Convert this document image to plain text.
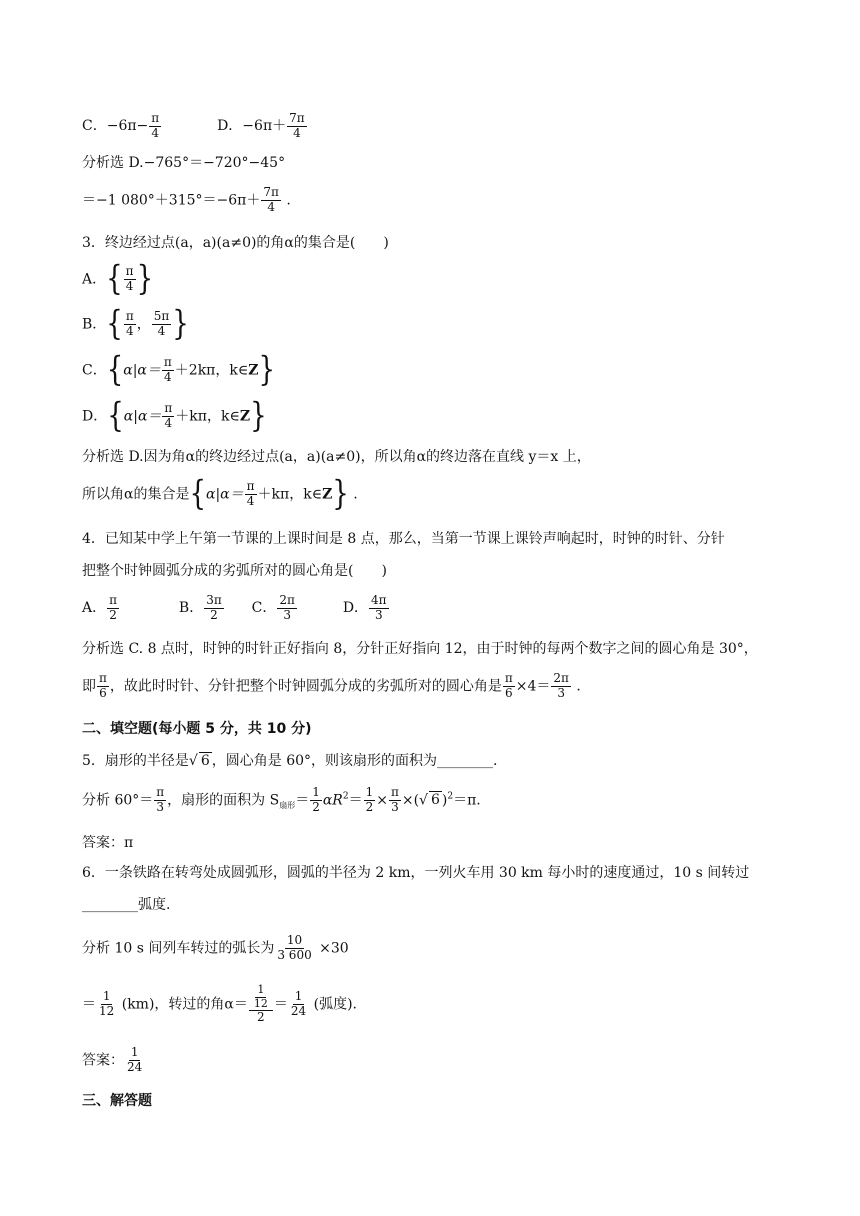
C．$-6\pi- \frac{\pi}{4}$	D．$-6\pi+ \frac{7\pi}{4}$
分析选 D.−765°＝−720°−45°
＝−1 $080^\circ+315^\circ=-6\pi+ \frac{7\pi}{4}$ .
3．终边经过点(a，a)(a≠0)的角α的集合是(　　)
A．{ $\frac{\pi}{4}$ }
B．{ $\frac{\pi}{4}$ ， $\frac{5\pi}{4}$ }
C．{$\alpha|\alpha= \frac{\pi}{4} +2k\pi$，k∈Z}
D．{$\alpha|\alpha= \frac{\pi}{4} +k\pi$，k∈Z}
分析选 D.因为角α的终边经过点(a，a)(a≠0)，所以角α的终边落在直线 y＝x 上，
所以角α的集合是{$\alpha|\alpha= \frac{\pi}{4} +k\pi$，k∈Z} .
4．已知某中学上午第一节课的上课时间是 8 点，那么，当第一节课上课铃声响起时，时钟的时针、分针
把整个时钟圆弧分成的劣弧所对的圆心角是(　　)
A． $\frac{\pi}{2}$	B． $\frac{3\pi}{2}$ C． $\frac{2\pi}{3}$	D． $\frac{4\pi}{3}$
分析选 C. 8 点时，时钟的时针正好指向 8，分针正好指向 12，由于时钟的每两个数字之间的圆心角是 30°，
即 $\frac{\pi}{6}$ ，故此时时针、分针把整个时钟圆弧分成的劣弧所对的圆心角是 $\frac{\pi}{6} \times 4= \frac{2\pi}{3}$ .
二、填空题(每小题 5 分，共 10 分)
5．扇形的半径是√ 6 ，圆心角是 60°，则该扇形的面积为________.
分析 $60^\circ= \frac{\pi}{3}$ ，扇形的面积为 $S_{扇形}= \frac{1}{2} \alpha R^2= \frac{1}{2} \times \frac{\pi}{3}$ ×(√ 6 )$^2$＝π.
答案：π
6．一条铁路在转弯处成圆弧形，圆弧的半径为 2 km，一列火车用 30 km 每小时的速度通过，10 s 间转过
________弧度.
分析 10 s 间列车转过的弧长为 $\frac{10}{3 600} \times 30$
＝ $\frac{1}{12} (km)$，转过的角$\alpha= \frac{\frac{1}{12}}{2} = \frac{1}{24}$ (弧度).
答案： $\frac{1}{24}$
三、解答题
